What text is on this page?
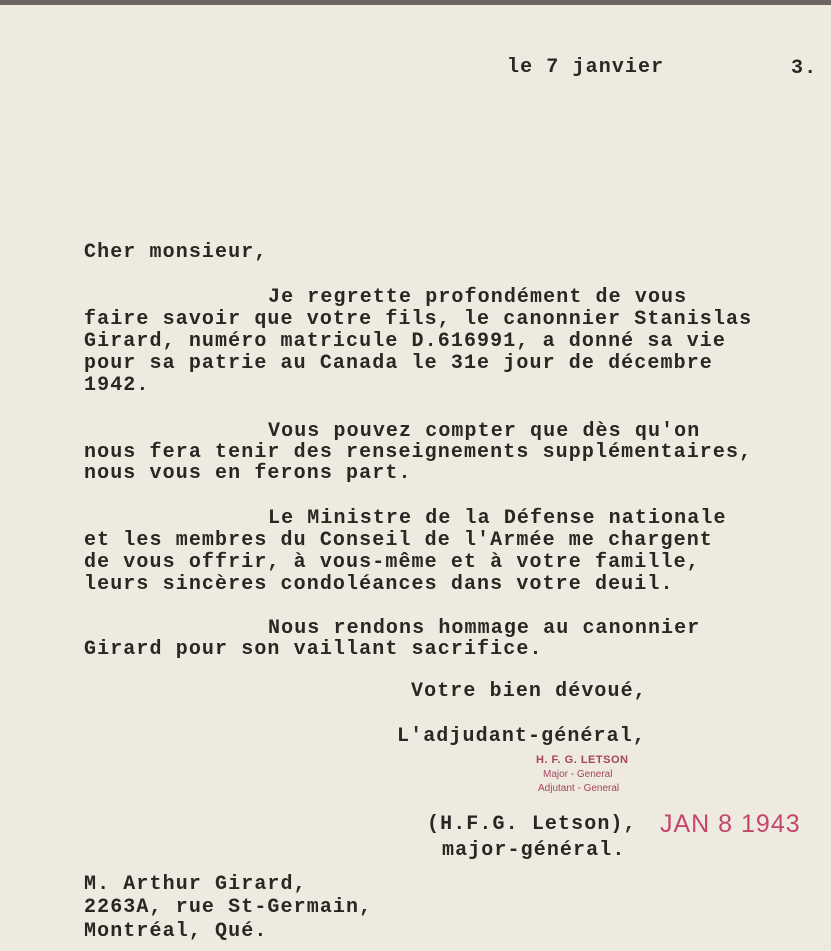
le 7 janvier	3.
Cher monsieur,
Je regrette profondément de vous
faire savoir que votre fils, le canonnier Stanislas
Girard, numéro matricule D.616991, a donné sa vie
pour sa patrie au Canada le 31e jour de décembre
1942.
Vous pouvez compter que dès qu'on
nous fera tenir des renseignements supplémentaires,
nous vous en ferons part.
Le Ministre de la Défense nationale
et les membres du Conseil de l'Armée me chargent
de vous offrir, à vous-même et à votre famille,
leurs sincères condoléances dans votre deuil.
Nous rendons hommage au canonnier
Girard pour son vaillant sacrifice.
Votre bien dévoué,
L'adjudant-général,
H. F. G. LETSON
Major - General
Adjutant - General
(H.F.G. Letson), JAN 8 1943
major-général.
M. Arthur Girard,
2263A, rue St-Germain,
Montréal, Qué.
